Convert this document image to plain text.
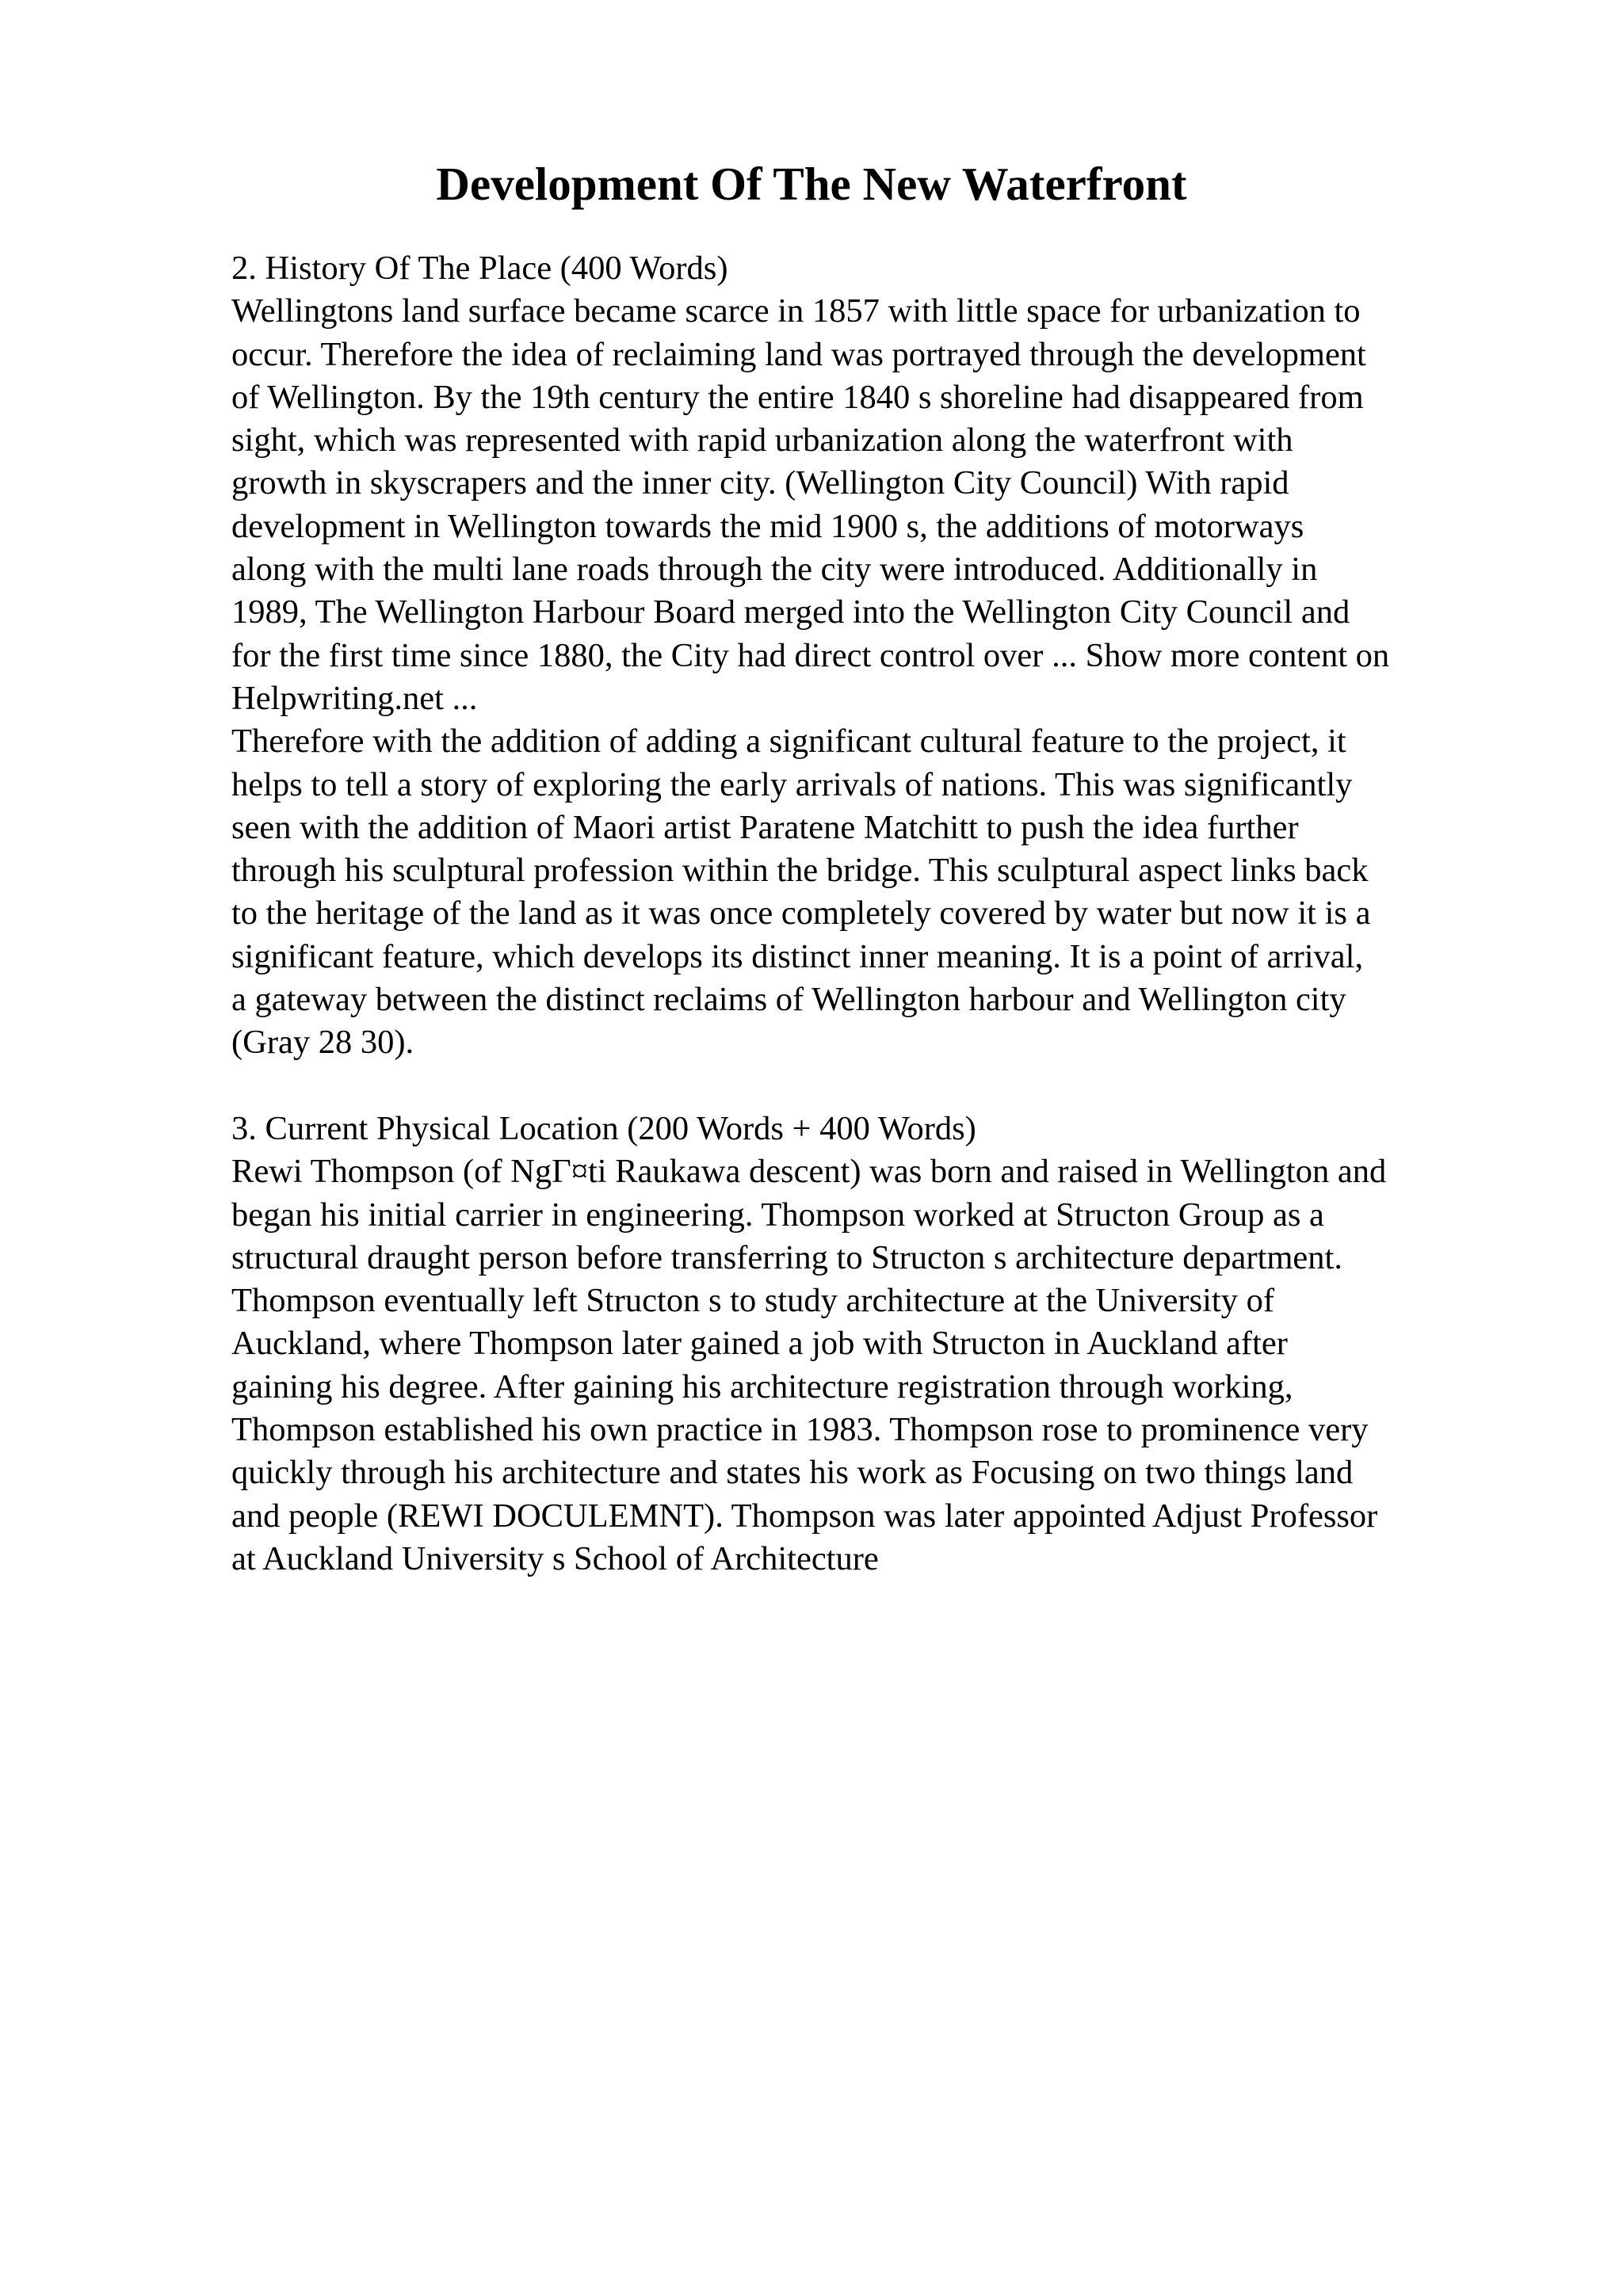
Development Of The New Waterfront
2. History Of The Place (400 Words)
Wellingtons land surface became scarce in 1857 with little space for urbanization to
occur. Therefore the idea of reclaiming land was portrayed through the development
of Wellington. By the 19th century the entire 1840 s shoreline had disappeared from
sight, which was represented with rapid urbanization along the waterfront with
growth in skyscrapers and the inner city. (Wellington City Council) With rapid
development in Wellington towards the mid 1900 s, the additions of motorways
along with the multi lane roads through the city were introduced. Additionally in
1989, The Wellington Harbour Board merged into the Wellington City Council and
for the first time since 1880, the City had direct control over ... Show more content on
Helpwriting.net ...
Therefore with the addition of adding a significant cultural feature to the project, it
helps to tell a story of exploring the early arrivals of nations. This was significantly
seen with the addition of Maori artist Paratene Matchitt to push the idea further
through his sculptural profession within the bridge. This sculptural aspect links back
to the heritage of the land as it was once completely covered by water but now it is a
significant feature, which develops its distinct inner meaning. It is a point of arrival,
a gateway between the distinct reclaims of Wellington harbour and Wellington city
(Gray 28 30).
3. Current Physical Location (200 Words + 400 Words)
Rewi Thompson (of NgΓ¤ti Raukawa descent) was born and raised in Wellington and
began his initial carrier in engineering. Thompson worked at Structon Group as a
structural draught person before transferring to Structon s architecture department.
Thompson eventually left Structon s to study architecture at the University of
Auckland, where Thompson later gained a job with Structon in Auckland after
gaining his degree. After gaining his architecture registration through working,
Thompson established his own practice in 1983. Thompson rose to prominence very
quickly through his architecture and states his work as Focusing on two things land
and people (REWI DOCULEMNT). Thompson was later appointed Adjust Professor
at Auckland University s School of Architecture
